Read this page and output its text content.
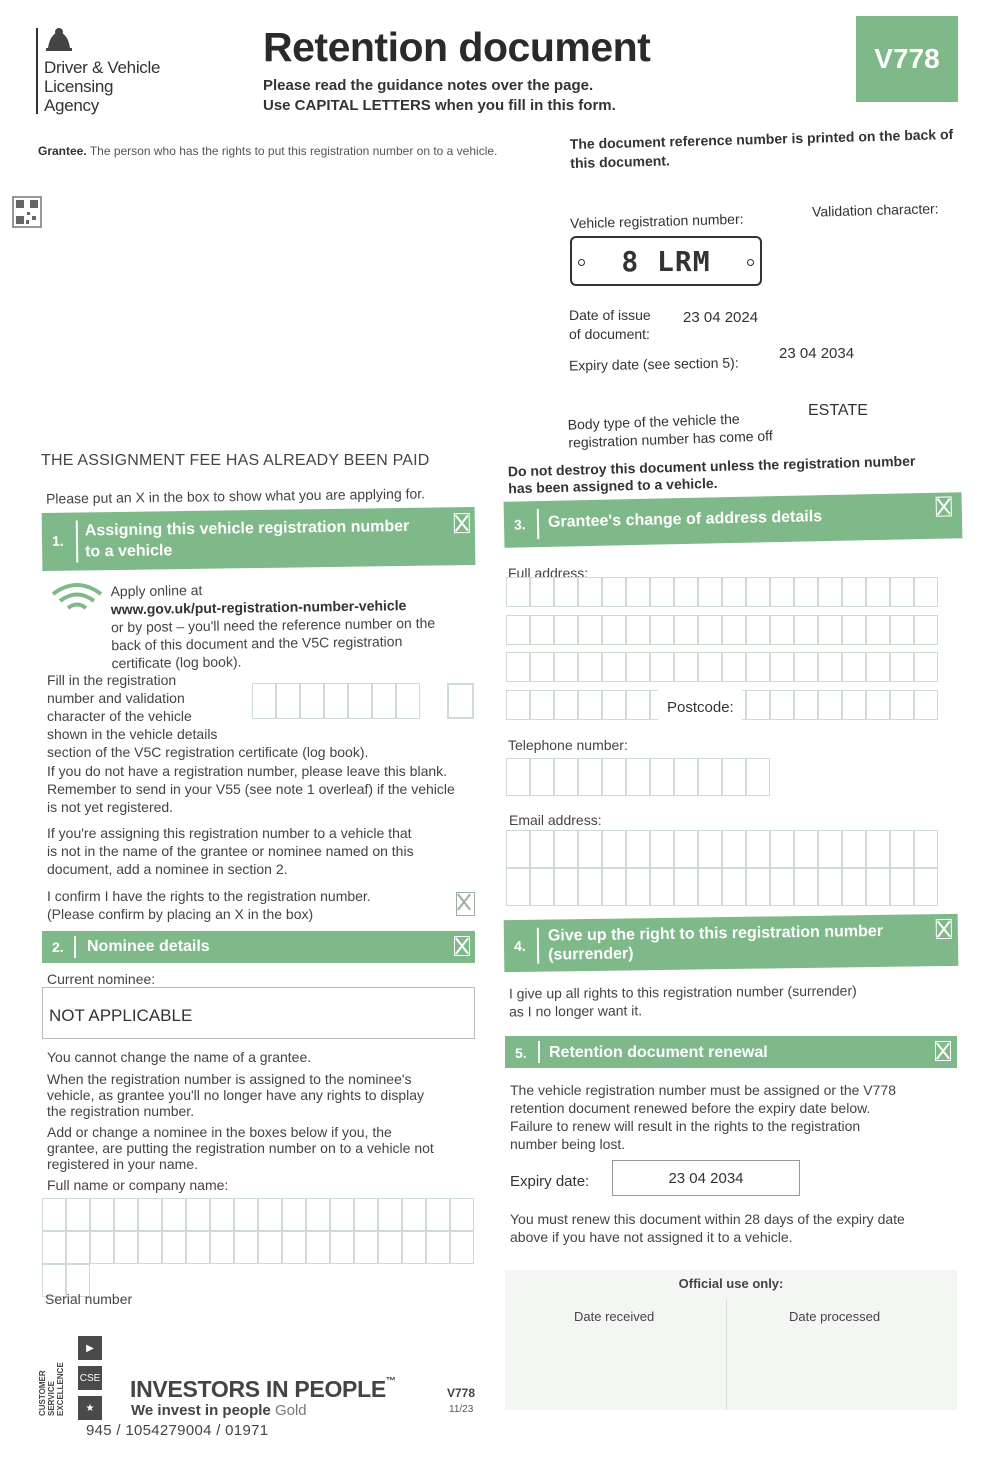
Driver & Vehicle
Licensing
Agency
Retention document
Please read the guidance notes over the page.
Use CAPITAL LETTERS when you fill in this form.
V778
Grantee. The person who has the rights to put this registration number on to a vehicle.	The document reference number is printed on the back of this document.
Vehicle registration number:
Validation character:
8 LRM
Date of issue
of document:
23 04 2024
Expiry date (see section 5):
23 04 2034
Body type of the vehicle the
registration number has come off
ESTATE
THE ASSIGNMENT FEE HAS ALREADY BEEN PAID
Please put an X in the box to show what you are applying for.
1.
Assigning this vehicle registration number
to a vehicle
Apply online at
www.gov.uk/put-registration-number-vehicle
or by post – you'll need the reference number on the
back of this document and the V5C registration
certificate (log book).
Fill in the registration
number and validation
character of the vehicle
shown in the vehicle details
section of the V5C registration certificate (log book).
If you do not have a registration number, please leave this blank.
Remember to send in your V55 (see note 1 overleaf) if the vehicle
is not yet registered.
If you're assigning this registration number to a vehicle that
is not in the name of the grantee or nominee named on this
document, add a nominee in section 2.
I confirm I have the rights to the registration number.
(Please confirm by placing an X in the box)
2. Nominee details
Current nominee:
NOT APPLICABLE
You cannot change the name of a grantee.
When the registration number is assigned to the nominee's
vehicle, as grantee you'll no longer have any rights to display
the registration number.
Add or change a nominee in the boxes below if you, the
grantee, are putting the registration number on to a vehicle not
registered in your name.
Full name or company name:
Serial number
Do not destroy this document unless the registration number has been assigned to a vehicle.
3. Grantee's change of address details
Full address:
Postcode:
Telephone number:
Email address:
4.
Give up the right to this registration number
(surrender)
I give up all rights to this registration number (surrender)
as I no longer want it.
5. Retention document renewal
The vehicle registration number must be assigned or the V778
retention document renewed before the expiry date below.
Failure to renew will result in the rights to the registration
number being lost.
Expiry date:	23 04 2034
You must renew this document within 28 days of the expiry date
above if you have not assigned it to a vehicle.
Official use only:
Date received	Date processed
CUSTOMER SERVICE EXCELLENCE
▶
CSE
★
INVESTORS IN PEOPLE™
We invest in people Gold
V778
11/23
945 / 1054279004 / 01971
